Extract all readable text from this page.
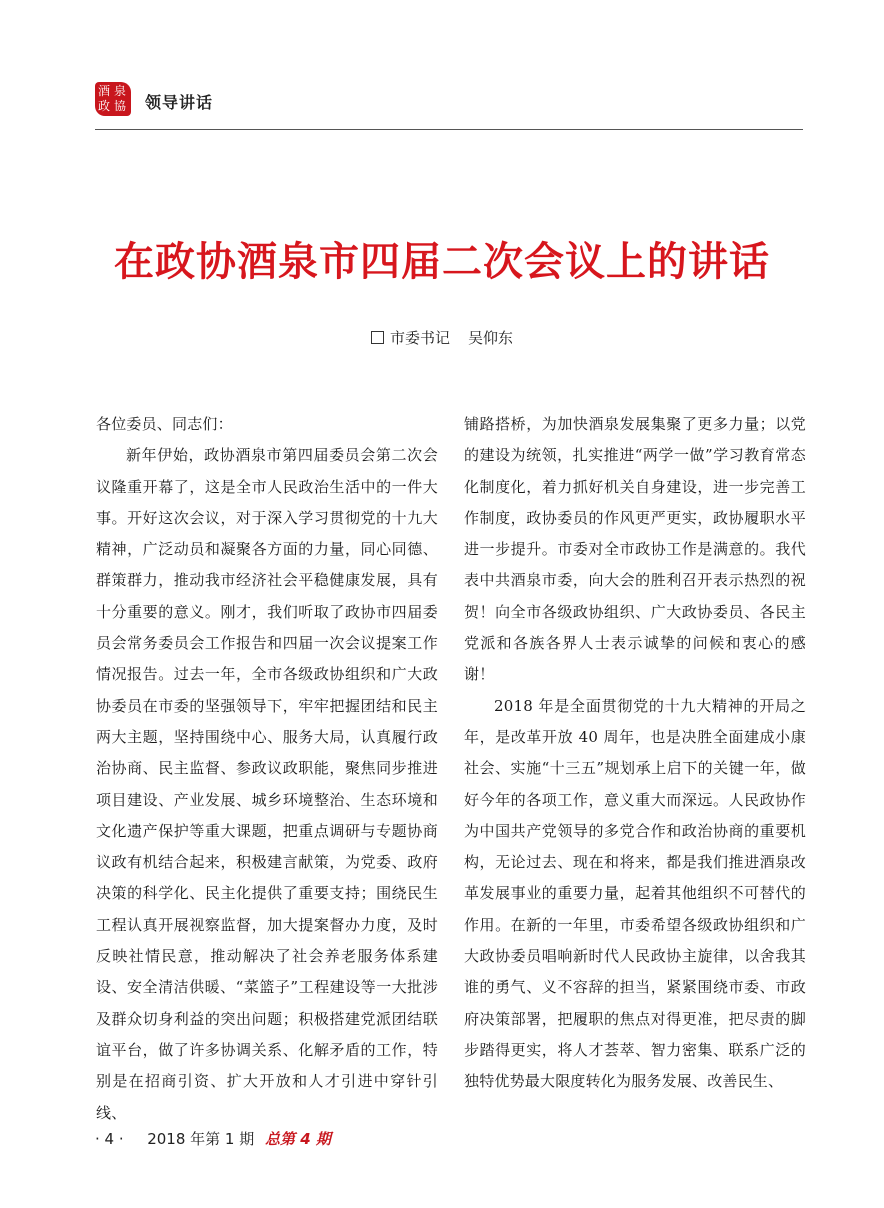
酒 泉
政 協 领导讲话
在政协酒泉市四届二次会议上的讲话
市委书记 吴仰东

各位委员、同志们：

新年伊始，政协酒泉市第四届委员会第二次会议隆重开幕了，这是全市人民政治生活中的一件大事。开好这次会议，对于深入学习贯彻党的十九大精神，广泛动员和凝聚各方面的力量，同心同德、群策群力，推动我市经济社会平稳健康发展，具有十分重要的意义。刚才，我们听取了政协市四届委员会常务委员会工作报告和四届一次会议提案工作情况报告。过去一年，全市各级政协组织和广大政协委员在市委的坚强领导下，牢牢把握团结和民主两大主题，坚持围绕中心、服务大局，认真履行政治协商、民主监督、参政议政职能，聚焦同步推进项目建设、产业发展、城乡环境整治、生态环境和文化遗产保护等重大课题，把重点调研与专题协商议政有机结合起来，积极建言献策，为党委、政府决策的科学化、民主化提供了重要支持；围绕民生工程认真开展视察监督，加大提案督办力度，及时反映社情民意，推动解决了社会养老服务体系建设、安全清洁供暖、“菜篮子”工程建设等一大批涉及群众切身利益的突出问题；积极搭建党派团结联谊平台，做了许多协调关系、化解矛盾的工作，特别是在招商引资、扩大开放和人才引进中穿针引线、

铺路搭桥，为加快酒泉发展集聚了更多力量；以党的建设为统领，扎实推进“两学一做”学习教育常态化制度化，着力抓好机关自身建设，进一步完善工作制度，政协委员的作风更严更实，政协履职水平进一步提升。市委对全市政协工作是满意的。我代表中共酒泉市委，向大会的胜利召开表示热烈的祝贺！向全市各级政协组织、广大政协委员、各民主党派和各族各界人士表示诚挚的问候和衷心的感谢！

2018 年是全面贯彻党的十九大精神的开局之年，是改革开放 40 周年，也是决胜全面建成小康社会、实施“十三五”规划承上启下的关键一年，做好今年的各项工作，意义重大而深远。人民政协作为中国共产党领导的多党合作和政治协商的重要机构，无论过去、现在和将来，都是我们推进酒泉改革发展事业的重要力量，起着其他组织不可替代的作用。在新的一年里，市委希望各级政协组织和广大政协委员唱响新时代人民政协主旋律，以舍我其谁的勇气、义不容辞的担当，紧紧围绕市委、市政府决策部署，把履职的焦点对得更准，把尽责的脚步踏得更实，将人才荟萃、智力密集、联系广泛的独特优势最大限度转化为服务发展、改善民生、

· 4 · 2018 年第 1 期 总第 4 期
